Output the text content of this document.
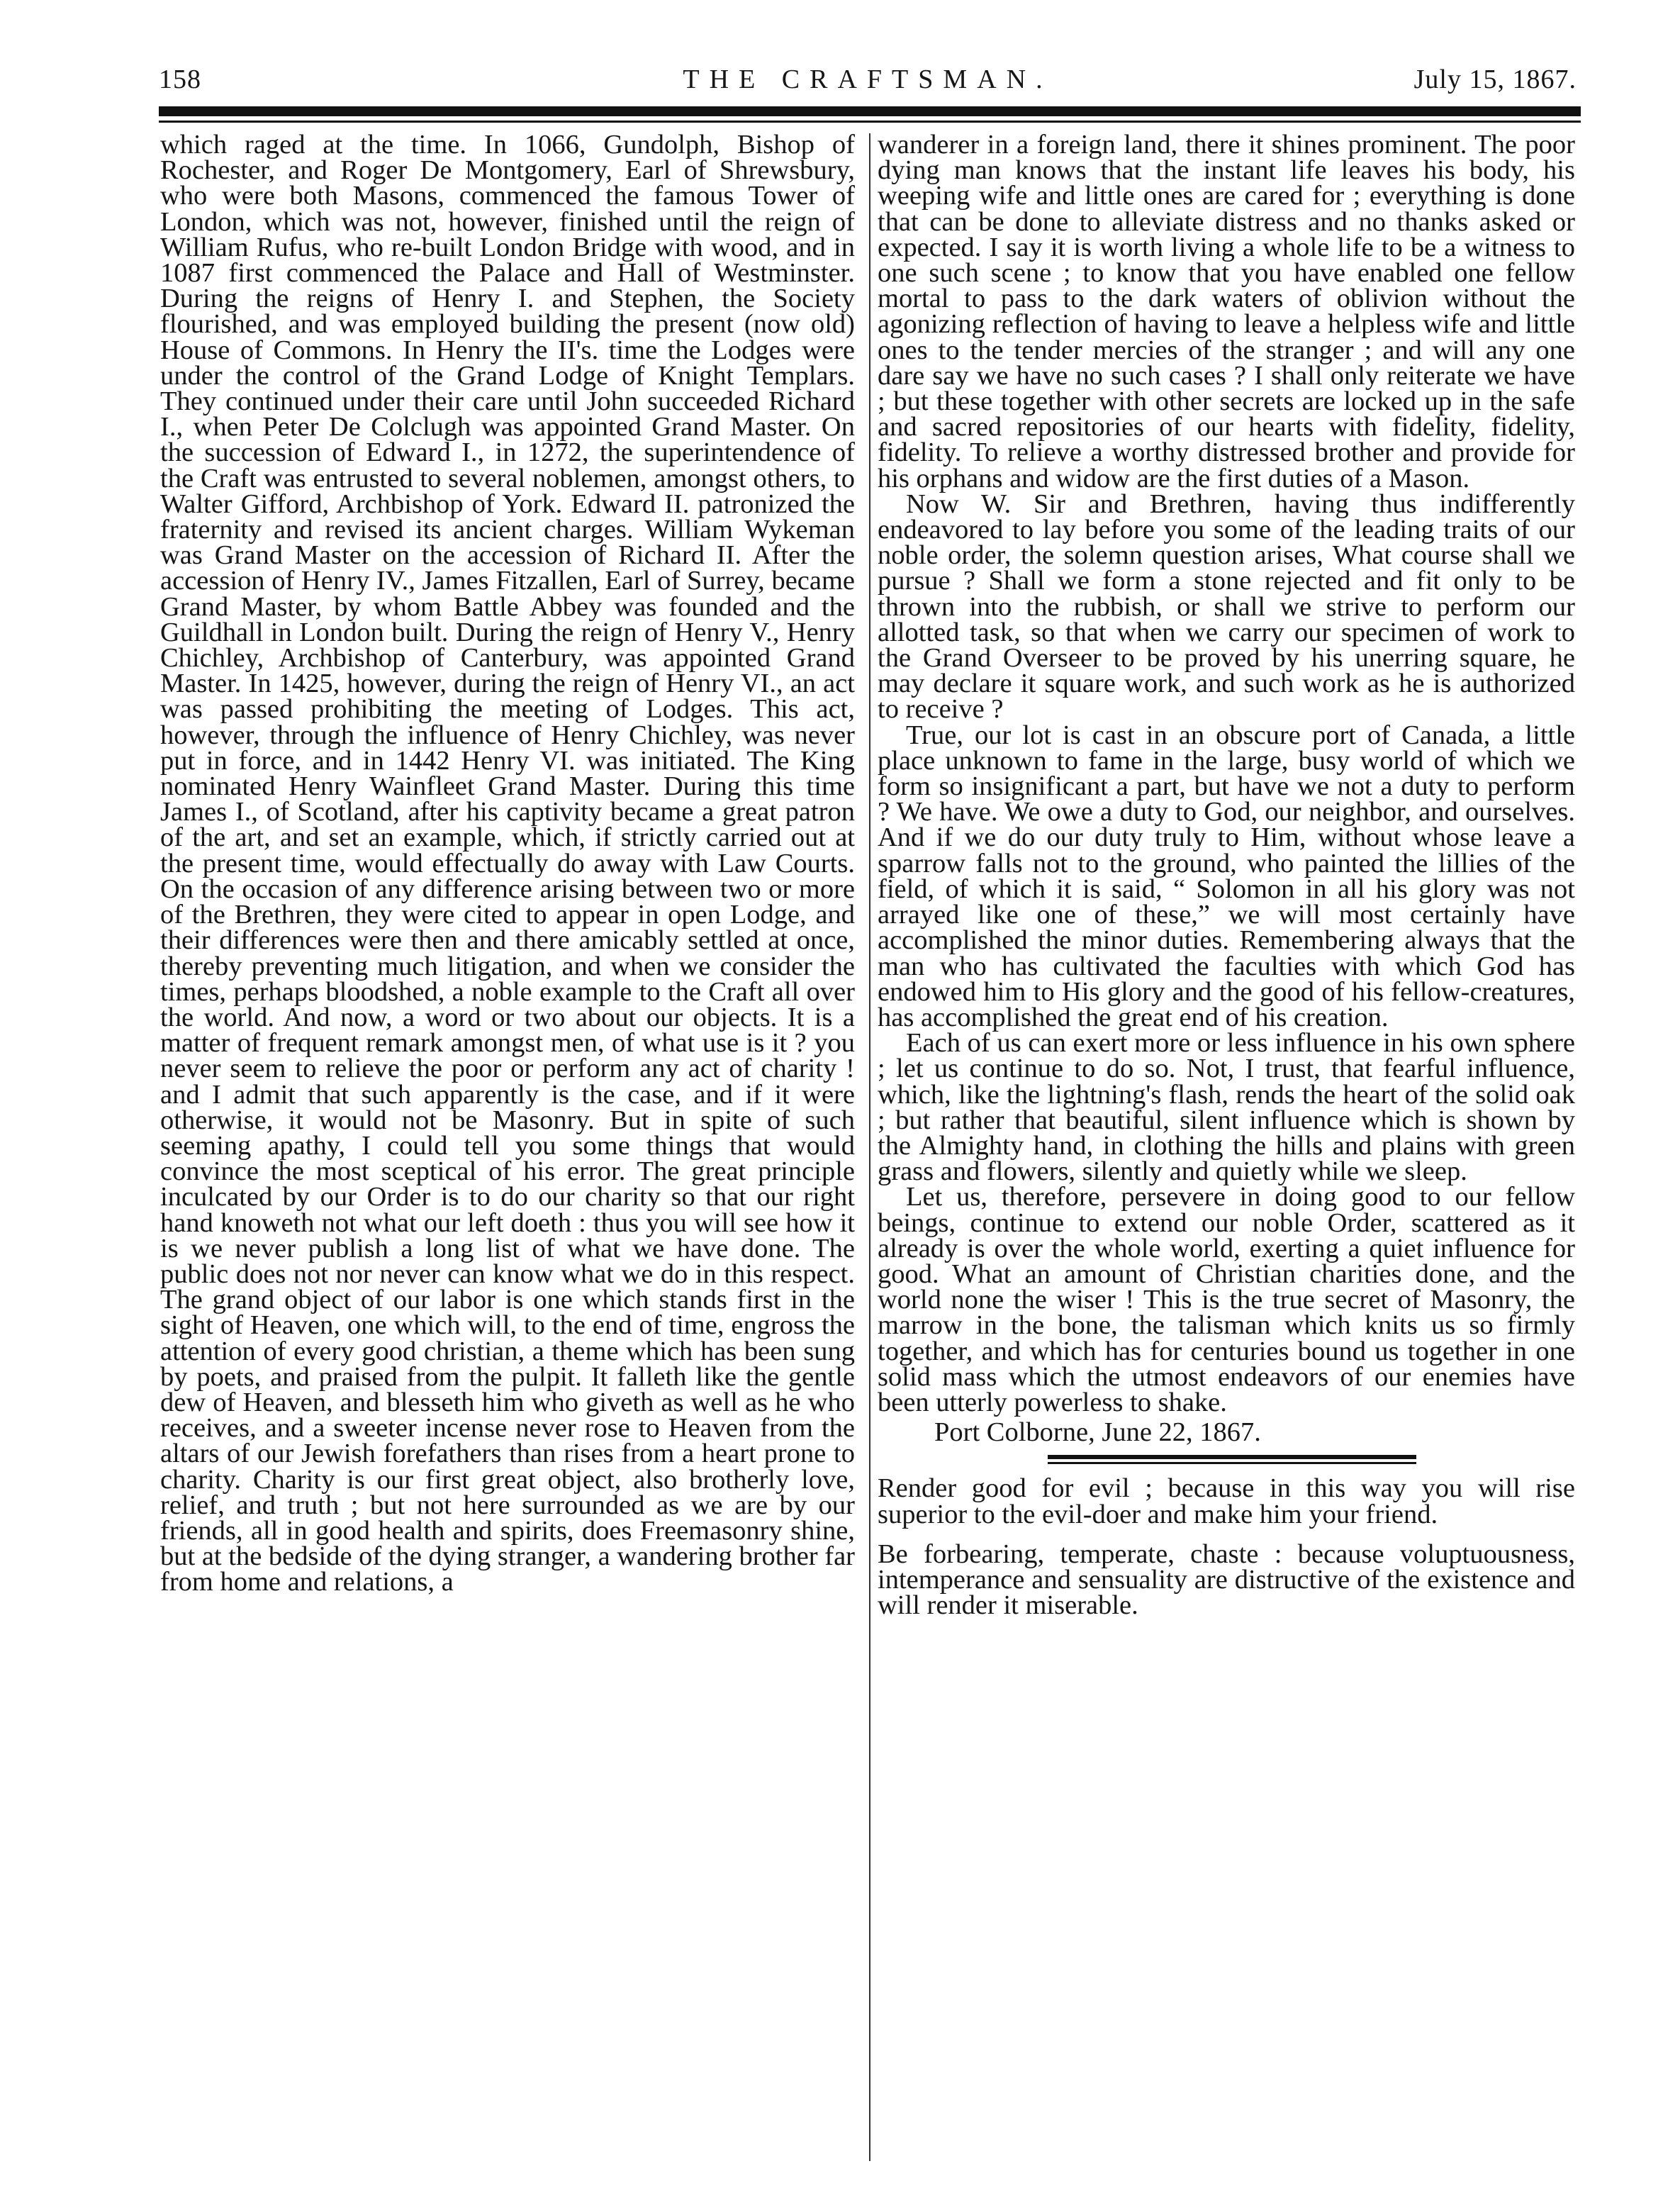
158	THE CRAFTSMAN.	July 15, 1867.

which raged at the time. In 1066, Gundolph, Bishop of Rochester, and Roger De Montgomery, Earl of Shrewsbury, who were both Masons, commenced the famous Tower of London, which was not, however, finished until the reign of William Rufus, who re-built London Bridge with wood, and in 1087 first commenced the Palace and Hall of Westminster. During the reigns of Henry I. and Stephen, the Society flourished, and was employed building the present (now old) House of Commons. In Henry the II's. time the Lodges were under the control of the Grand Lodge of Knight Templars. They continued under their care until John succeeded Richard I., when Peter De Colclugh was appointed Grand Master. On the succession of Edward I., in 1272, the superintendence of the Craft was entrusted to several noblemen, amongst others, to Walter Gifford, Archbishop of York. Edward II. patronized the fraternity and revised its ancient charges. William Wykeman was Grand Master on the accession of Richard II. After the accession of Henry IV., James Fitzallen, Earl of Surrey, became Grand Master, by whom Battle Abbey was founded and the Guildhall in London built. During the reign of Henry V., Henry Chichley, Archbishop of Canterbury, was appointed Grand Master. In 1425, however, during the reign of Henry VI., an act was passed prohibiting the meeting of Lodges. This act, however, through the influence of Henry Chichley, was never put in force, and in 1442 Henry VI. was initiated. The King nominated Henry Wainfleet Grand Master. During this time James I., of Scotland, after his captivity became a great patron of the art, and set an example, which, if strictly carried out at the present time, would effectually do away with Law Courts. On the occasion of any difference arising between two or more of the Brethren, they were cited to appear in open Lodge, and their differences were then and there amicably settled at once, thereby preventing much litigation, and when we consider the times, perhaps bloodshed, a noble example to the Craft all over the world. And now, a word or two about our objects. It is a matter of frequent remark amongst men, of what use is it ? you never seem to relieve the poor or perform any act of charity ! and I admit that such apparently is the case, and if it were otherwise, it would not be Masonry. But in spite of such seeming apathy, I could tell you some things that would convince the most sceptical of his error. The great principle inculcated by our Order is to do our charity so that our right hand knoweth not what our left doeth : thus you will see how it is we never publish a long list of what we have done. The public does not nor never can know what we do in this respect. The grand object of our labor is one which stands first in the sight of Heaven, one which will, to the end of time, engross the attention of every good christian, a theme which has been sung by poets, and praised from the pulpit. It falleth like the gentle dew of Heaven, and blesseth him who giveth as well as he who receives, and a sweeter incense never rose to Heaven from the altars of our Jewish forefathers than rises from a heart prone to charity. Charity is our first great object, also brotherly love, relief, and truth ; but not here surrounded as we are by our friends, all in good health and spirits, does Freemasonry shine, but at the bedside of the dying stranger, a wandering brother far from home and relations, a

wanderer in a foreign land, there it shines prominent. The poor dying man knows that the instant life leaves his body, his weeping wife and little ones are cared for ; everything is done that can be done to alleviate distress and no thanks asked or expected. I say it is worth living a whole life to be a witness to one such scene ; to know that you have enabled one fellow mortal to pass to the dark waters of oblivion without the agonizing reflection of having to leave a helpless wife and little ones to the tender mercies of the stranger ; and will any one dare say we have no such cases ? I shall only reiterate we have ; but these together with other secrets are locked up in the safe and sacred repositories of our hearts with fidelity, fidelity, fidelity. To relieve a worthy distressed brother and provide for his orphans and widow are the first duties of a Mason.

Now W. Sir and Brethren, having thus indifferently endeavored to lay before you some of the leading traits of our noble order, the solemn question arises, What course shall we pursue ? Shall we form a stone rejected and fit only to be thrown into the rubbish, or shall we strive to perform our allotted task, so that when we carry our specimen of work to the Grand Overseer to be proved by his unerring square, he may declare it square work, and such work as he is authorized to receive ?

True, our lot is cast in an obscure port of Canada, a little place unknown to fame in the large, busy world of which we form so insignificant a part, but have we not a duty to perform ? We have. We owe a duty to God, our neighbor, and ourselves. And if we do our duty truly to Him, without whose leave a sparrow falls not to the ground, who painted the lillies of the field, of which it is said, “ Solomon in all his glory was not arrayed like one of these,” we will most certainly have accomplished the minor duties. Remembering always that the man who has cultivated the faculties with which God has endowed him to His glory and the good of his fellow-creatures, has accomplished the great end of his creation.

Each of us can exert more or less influence in his own sphere ; let us continue to do so. Not, I trust, that fearful influence, which, like the lightning's flash, rends the heart of the solid oak ; but rather that beautiful, silent influence which is shown by the Almighty hand, in clothing the hills and plains with green grass and flowers, silently and quietly while we sleep.

Let us, therefore, persevere in doing good to our fellow beings, continue to extend our noble Order, scattered as it already is over the whole world, exerting a quiet influence for good. What an amount of Christian charities done, and the world none the wiser ! This is the true secret of Masonry, the marrow in the bone, the talisman which knits us so firmly together, and which has for centuries bound us together in one solid mass which the utmost endeavors of our enemies have been utterly powerless to shake.

Port Colborne, June 22, 1867.

Render good for evil ; because in this way you will rise superior to the evil-doer and make him your friend.

Be forbearing, temperate, chaste : because voluptuousness, intemperance and sensuality are distructive of the existence and will render it miserable.
